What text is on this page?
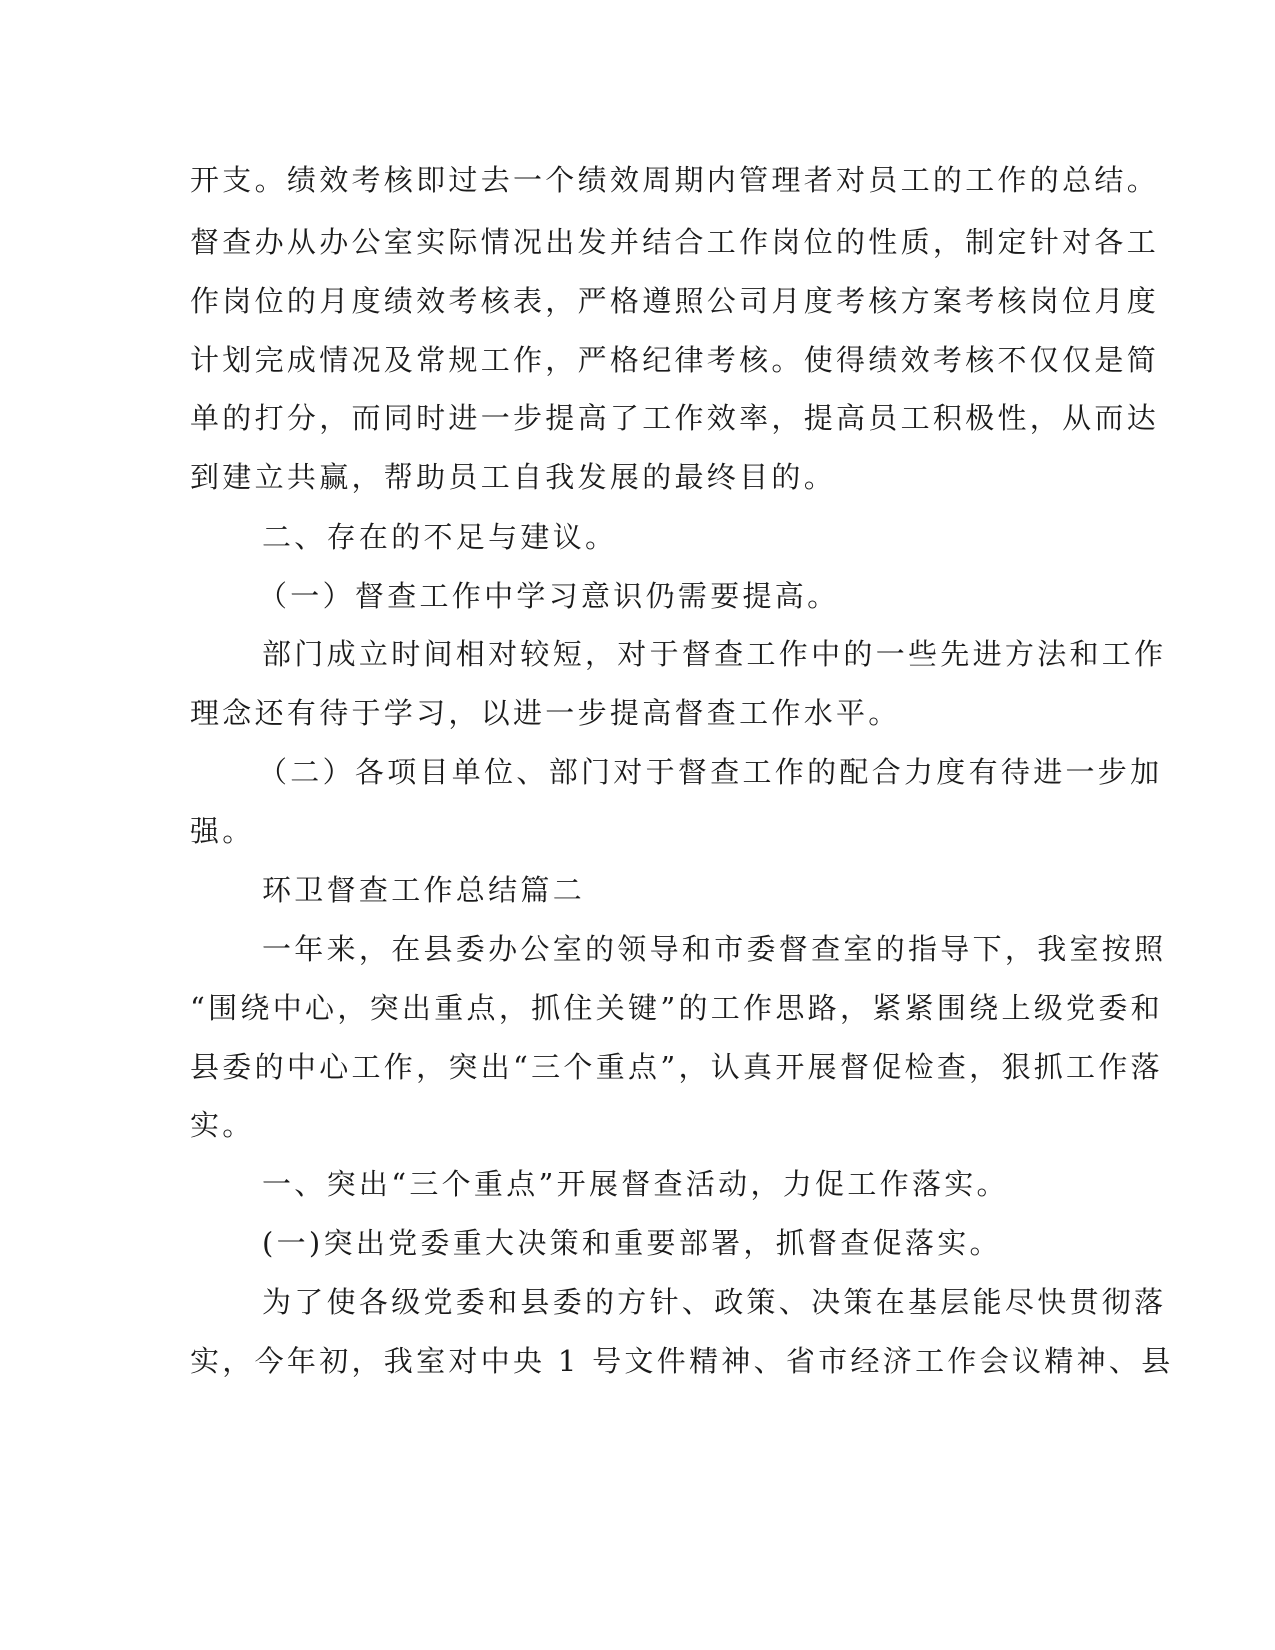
开支。绩效考核即过去一个绩效周期内管理者对员工的工作的总结。
督查办从办公室实际情况出发并结合工作岗位的性质，制定针对各工
作岗位的月度绩效考核表，严格遵照公司月度考核方案考核岗位月度
计划完成情况及常规工作，严格纪律考核。使得绩效考核不仅仅是简
单的打分，而同时进一步提高了工作效率，提高员工积极性，从而达
到建立共赢，帮助员工自我发展的最终目的。
二、存在的不足与建议。
（一）督查工作中学习意识仍需要提高。
部门成立时间相对较短，对于督查工作中的一些先进方法和工作
理念还有待于学习，以进一步提高督查工作水平。
（二）各项目单位、部门对于督查工作的配合力度有待进一步加
强。
环卫督查工作总结篇二
一年来，在县委办公室的领导和市委督查室的指导下，我室按照
“围绕中心，突出重点，抓住关键”的工作思路，紧紧围绕上级党委和
县委的中心工作，突出“三个重点”，认真开展督促检查，狠抓工作落
实。
一、突出“三个重点”开展督查活动，力促工作落实。
(一)突出党委重大决策和重要部署，抓督查促落实。
为了使各级党委和县委的方针、政策、决策在基层能尽快贯彻落
实，今年初，我室对中央 1 号文件精神、省市经济工作会议精神、县
